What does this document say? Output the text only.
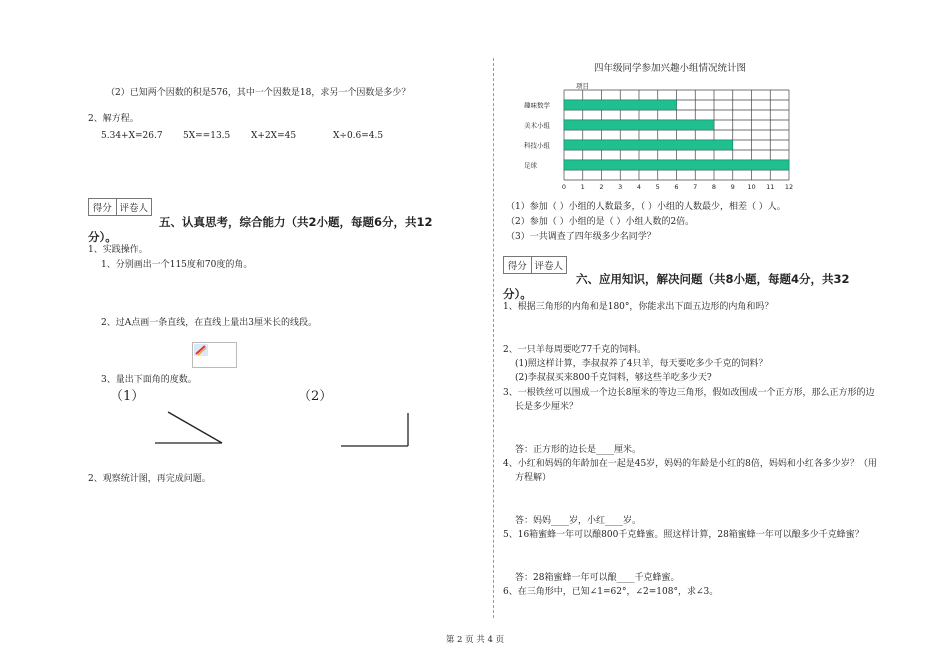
（2）已知两个因数的积是576，其中一个因数是18，求另一个因数是多少？
2、解方程。
5.34+X=26.7 5X==13.5 X+2X=45	X÷0.6=4.5
得分 评卷人
五、认真思考，综合能力（共2小题，每题6分，共12
分）。
1、实践操作。
1、分别画出一个115度和70度的角。
2、过A点画一条直线，在直线上量出3厘米长的线段。
3、量出下面角的度数。
（1）	（2）
2、观察统计图，再完成问题。
四年级同学参加兴趣小组情况统计图
0 1 2 3 4 5 6 7 8 9 10 11 12
项目
趣味数学
美术小组
科技小组
足球
（1）参加（ ）小组的人数最多，（ ）小组的人数最少，相差（ ）人。
（2）参加（ ）小组的是（ ）小组人数的2倍。
（3）一共调查了四年级多少名同学？
得分 评卷人
六、应用知识，解决问题（共8小题，每题4分，共32
分）。
1、根据三角形的内角和是180°，你能求出下面五边形的内角和吗？
2、一只羊每周要吃77千克的饲料。
(1)照这样计算，李叔叔养了4只羊，每天要吃多少千克的饲料？
(2)李叔叔买来800千克饲料，够这些羊吃多少天?
3、一根铁丝可以围成一个边长8厘米的等边三角形，假如改围成一个正方形，那么正方形的边
长是多少厘米？
答：正方形的边长是____厘米。
4、小红和妈妈的年龄加在一起是45岁，妈妈的年龄是小红的8倍，妈妈和小红各多少岁？（用
方程解）
答：妈妈____岁，小红____岁。
5、16箱蜜蜂一年可以酿800千克蜂蜜。照这样计算，28箱蜜蜂一年可以酿多少千克蜂蜜？
答：28箱蜜蜂一年可以酿____千克蜂蜜。
6、在三角形中，已知∠1=62°，∠2=108°，求∠3。
第 2 页 共 4 页
